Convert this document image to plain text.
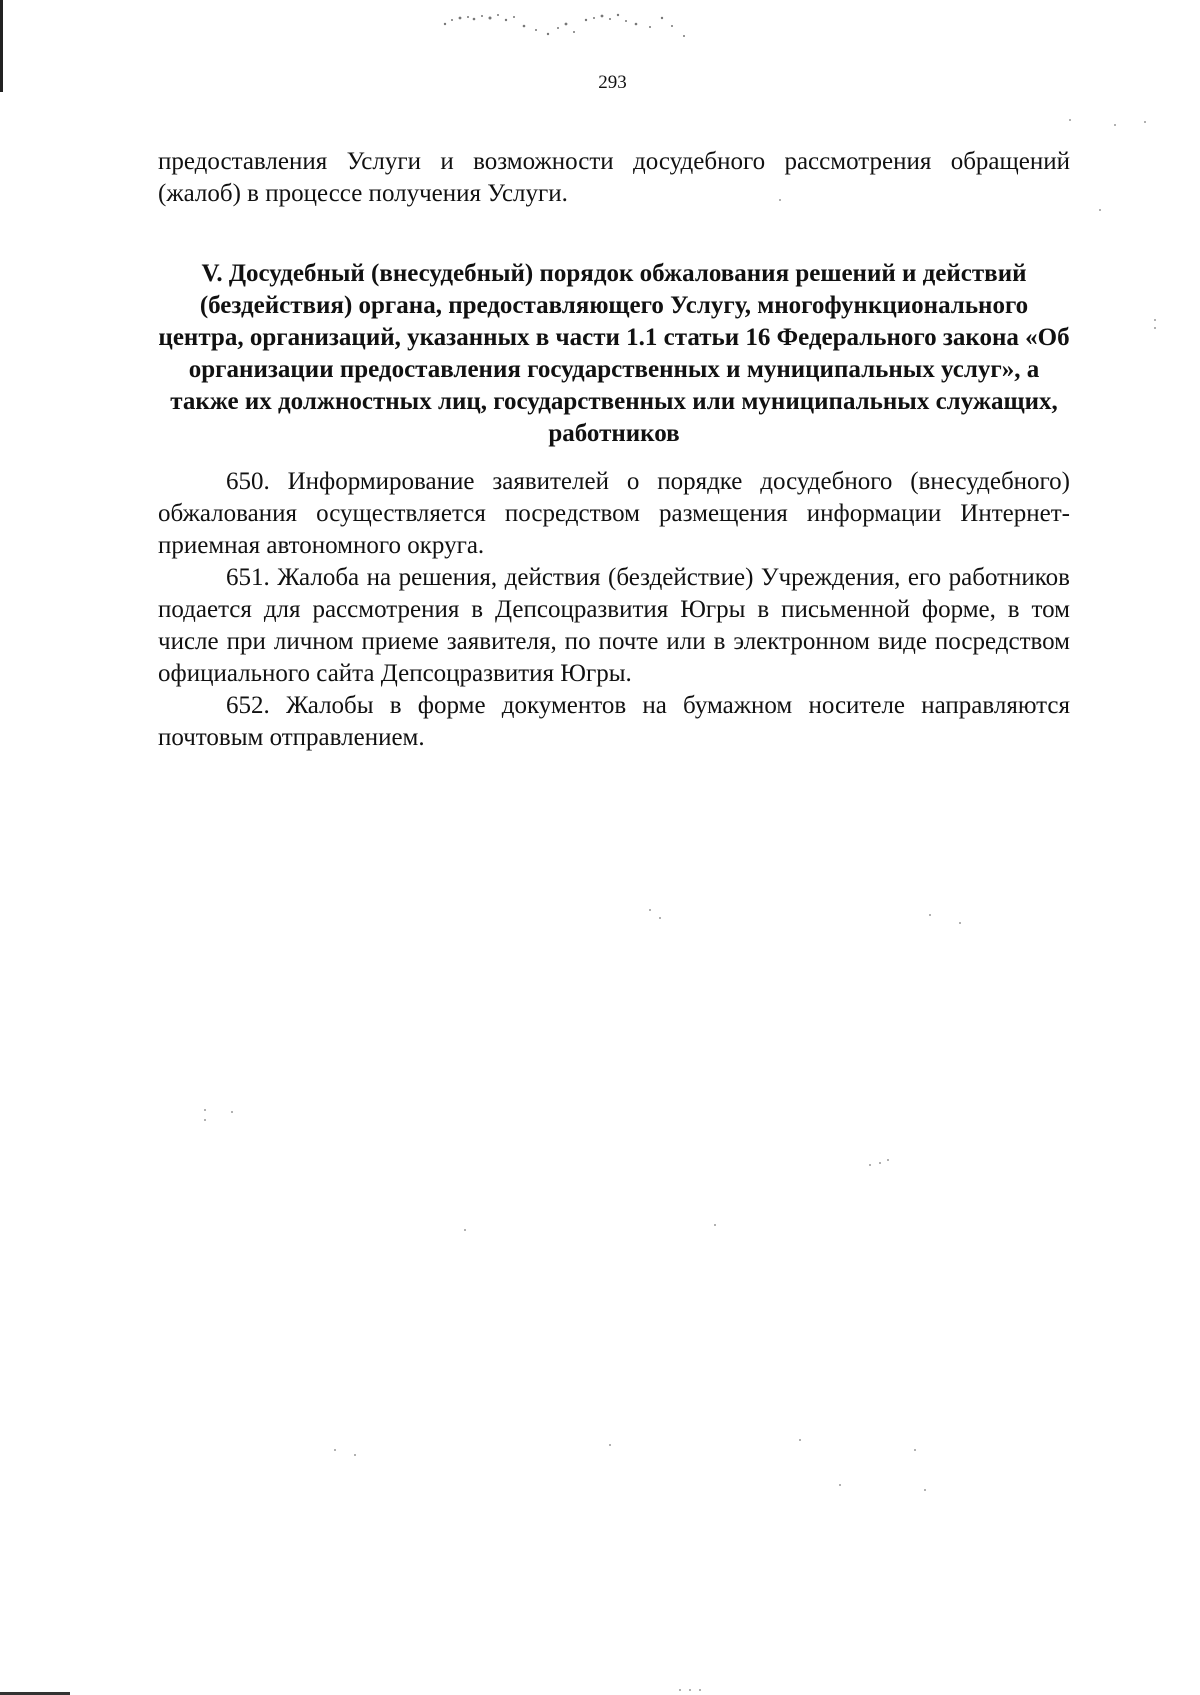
293

предоставления Услуги и возможности досудебного рассмотрения обращений (жалоб) в процессе получения Услуги.

V. Досудебный (внесудебный) порядок обжалования решений и действий (бездействия) органа, предоставляющего Услугу, многофункционального центра, организаций, указанных в части 1.1 статьи 16 Федерального закона «Об организации предоставления государственных и муниципальных услуг», а также их должностных лиц, государственных или муниципальных служащих, работников

650. Информирование заявителей о порядке досудебного (внесудебного) обжалования осуществляется посредством размещения информации Интернет-приемная автономного округа.

651. Жалоба на решения, действия (бездействие) Учреждения, его работников подается для рассмотрения в Депсоцразвития Югры в письменной форме, в том числе при личном приеме заявителя, по почте или в электронном виде посредством официального сайта Депсоцразвития Югры.

652. Жалобы в форме документов на бумажном носителе направляются почтовым отправлением.
